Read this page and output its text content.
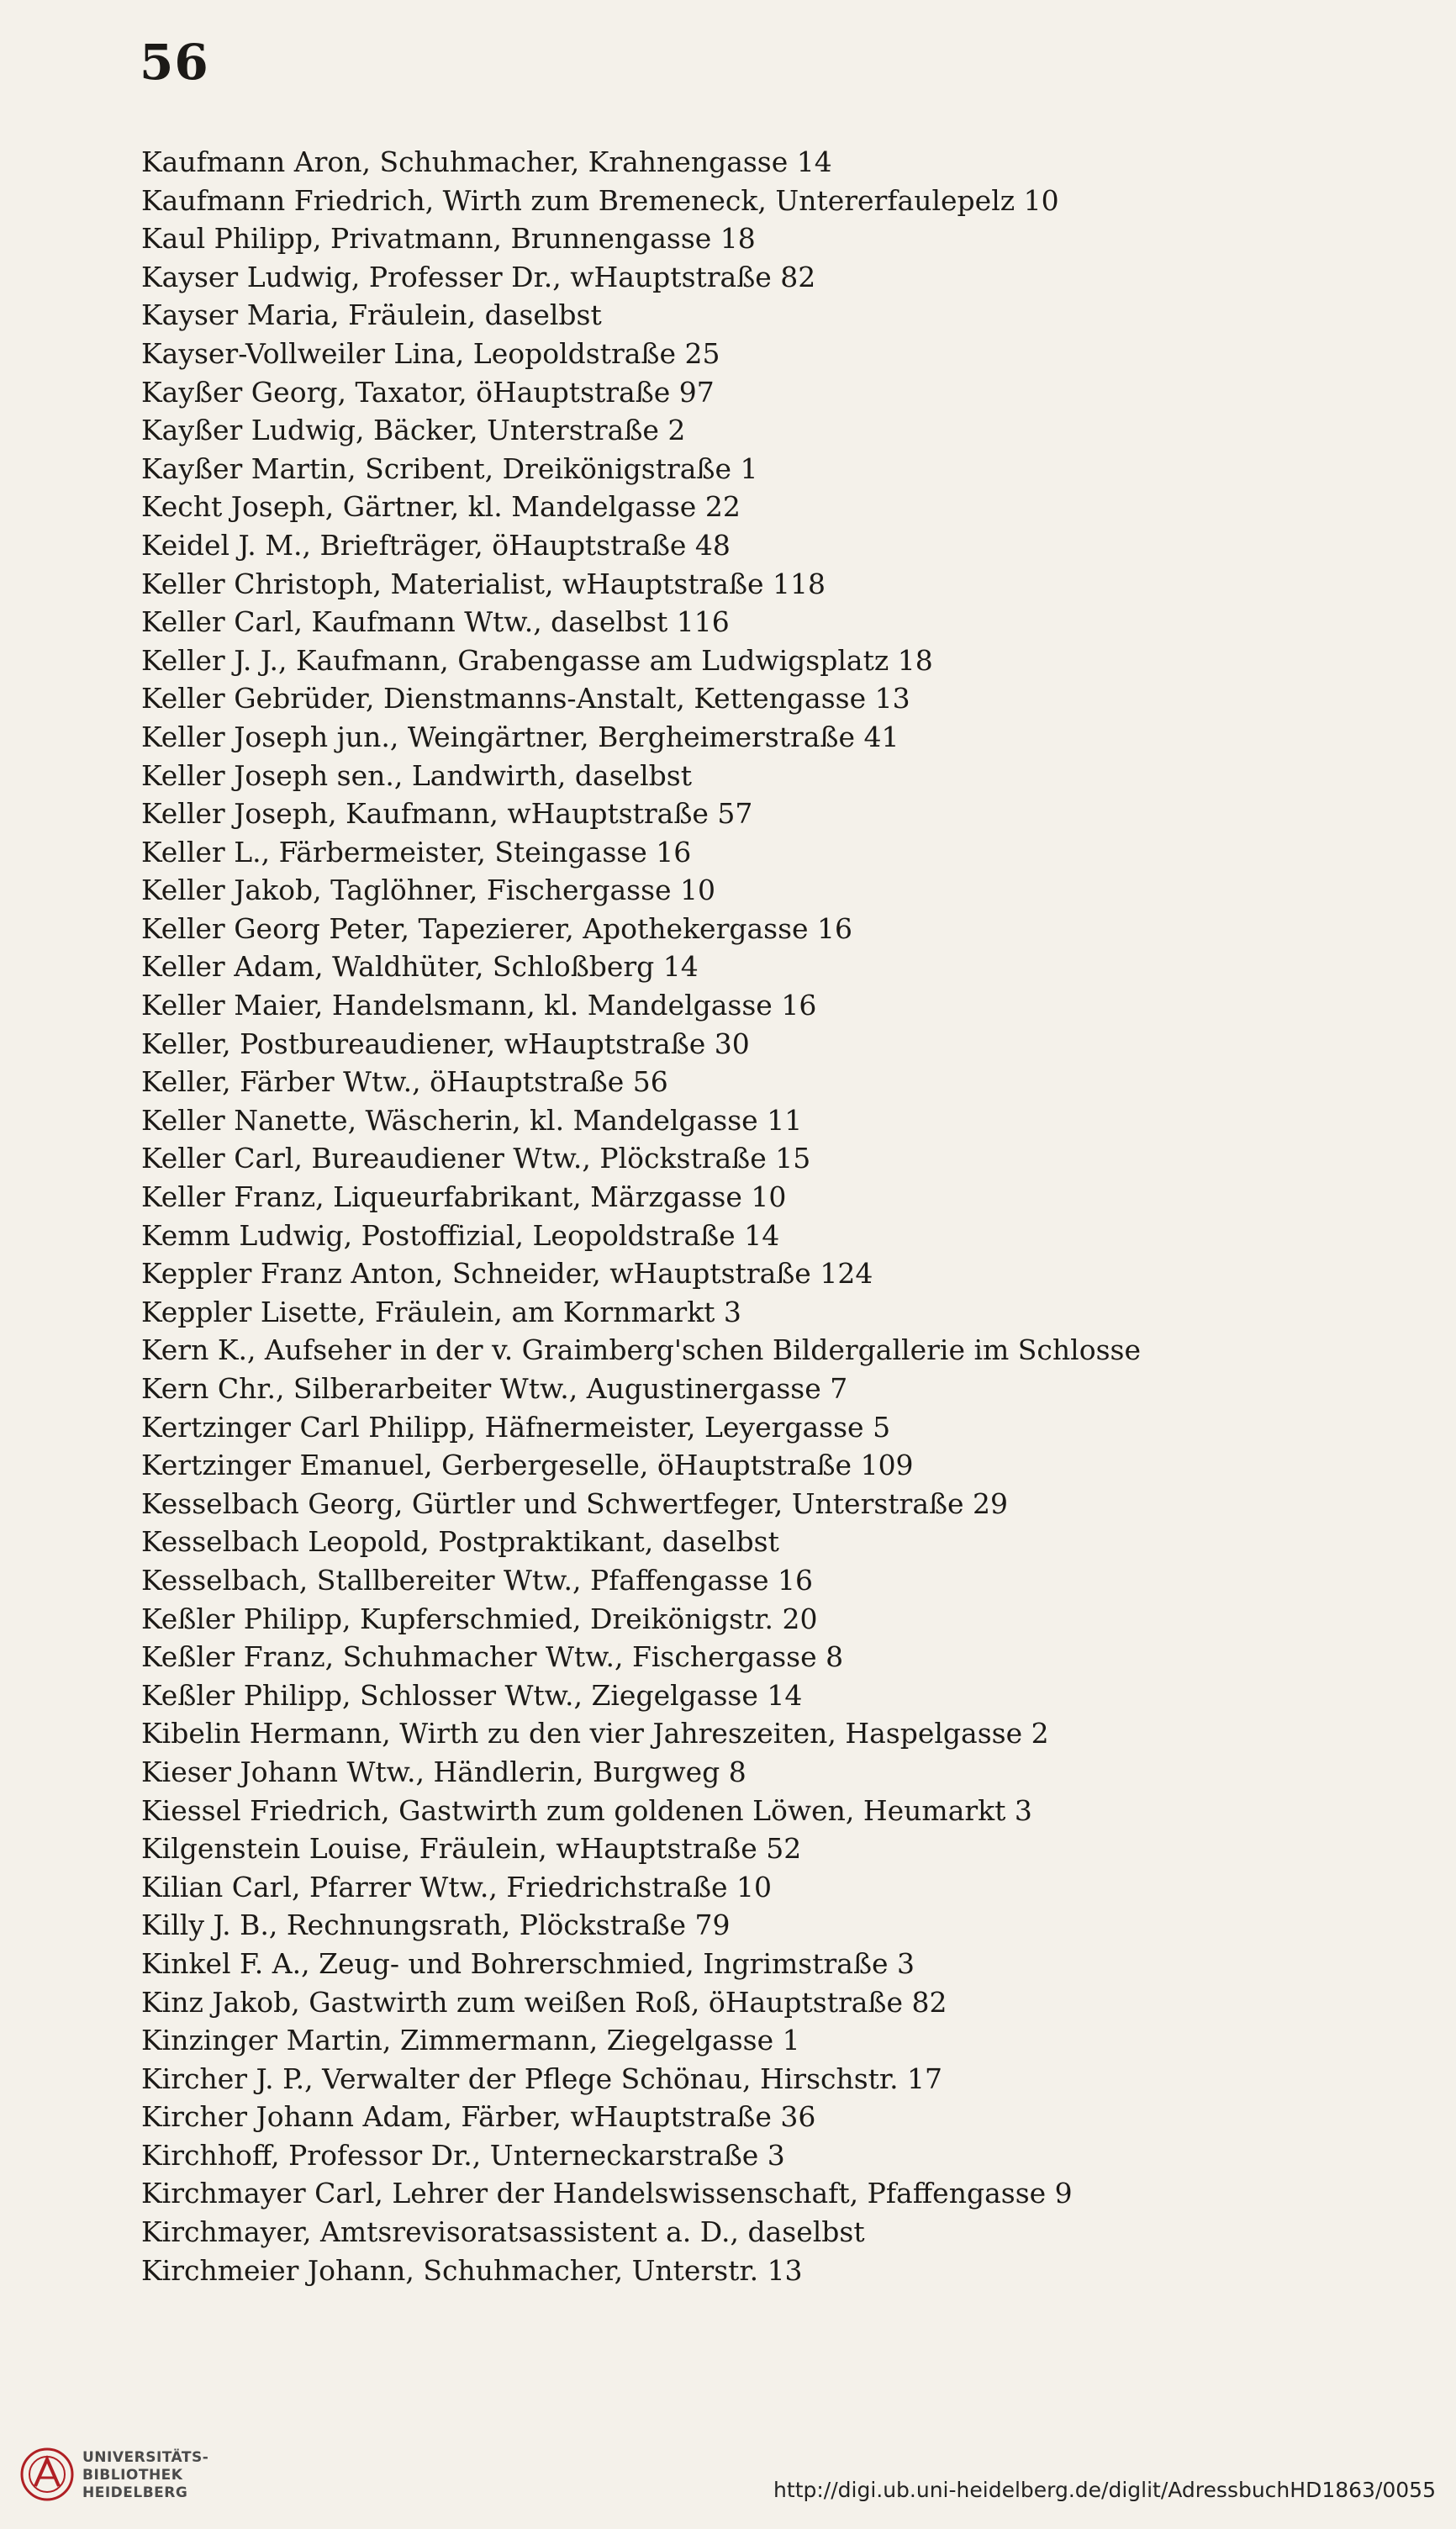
56
Kaufmann Aron, Schuhmacher, Krahnengasse 14
Kaufmann Friedrich, Wirth zum Bremeneck, Untererfaulepelz 10
Kaul Philipp, Privatmann, Brunnengasse 18
Kayser Ludwig, Professer Dr., wHauptstraße 82
Kayser Maria, Fräulein, daselbst
Kayser-Vollweiler Lina, Leopoldstraße 25
Kayßer Georg, Taxator, öHauptstraße 97
Kayßer Ludwig, Bäcker, Unterstraße 2
Kayßer Martin, Scribent, Dreikönigstraße 1
Kecht Joseph, Gärtner, kl. Mandelgasse 22
Keidel J. M., Briefträger, öHauptstraße 48
Keller Christoph, Materialist, wHauptstraße 118
Keller Carl, Kaufmann Wtw., daselbst 116
Keller J. J., Kaufmann, Grabengasse am Ludwigsplatz 18
Keller Gebrüder, Dienstmanns-Anstalt, Kettengasse 13
Keller Joseph jun., Weingärtner, Bergheimerstraße 41
Keller Joseph sen., Landwirth, daselbst
Keller Joseph, Kaufmann, wHauptstraße 57
Keller L., Färbermeister, Steingasse 16
Keller Jakob, Taglöhner, Fischergasse 10
Keller Georg Peter, Tapezierer, Apothekergasse 16
Keller Adam, Waldhüter, Schloßberg 14
Keller Maier, Handelsmann, kl. Mandelgasse 16
Keller, Postbureaudiener, wHauptstraße 30
Keller, Färber Wtw., öHauptstraße 56
Keller Nanette, Wäscherin, kl. Mandelgasse 11
Keller Carl, Bureaudiener Wtw., Plöckstraße 15
Keller Franz, Liqueurfabrikant, Märzgasse 10
Kemm Ludwig, Postoffizial, Leopoldstraße 14
Keppler Franz Anton, Schneider, wHauptstraße 124
Keppler Lisette, Fräulein, am Kornmarkt 3
Kern K., Aufseher in der v. Graimberg'schen Bildergallerie im Schlosse
Kern Chr., Silberarbeiter Wtw., Augustinergasse 7
Kertzinger Carl Philipp, Häfnermeister, Leyergasse 5
Kertzinger Emanuel, Gerbergeselle, öHauptstraße 109
Kesselbach Georg, Gürtler und Schwertfeger, Unterstraße 29
Kesselbach Leopold, Postpraktikant, daselbst
Kesselbach, Stallbereiter Wtw., Pfaffengasse 16
Keßler Philipp, Kupferschmied, Dreikönigstr. 20
Keßler Franz, Schuhmacher Wtw., Fischergasse 8
Keßler Philipp, Schlosser Wtw., Ziegelgasse 14
Kibelin Hermann, Wirth zu den vier Jahreszeiten, Haspelgasse 2
Kieser Johann Wtw., Händlerin, Burgweg 8
Kiessel Friedrich, Gastwirth zum goldenen Löwen, Heumarkt 3
Kilgenstein Louise, Fräulein, wHauptstraße 52
Kilian Carl, Pfarrer Wtw., Friedrichstraße 10
Killy J. B., Rechnungsrath, Plöckstraße 79
Kinkel F. A., Zeug- und Bohrerschmied, Ingrimstraße 3
Kinz Jakob, Gastwirth zum weißen Roß, öHauptstraße 82
Kinzinger Martin, Zimmermann, Ziegelgasse 1
Kircher J. P., Verwalter der Pflege Schönau, Hirschstr. 17
Kircher Johann Adam, Färber, wHauptstraße 36
Kirchhoff, Professor Dr., Unterneckarstraße 3
Kirchmayer Carl, Lehrer der Handelswissenschaft, Pfaffengasse 9
Kirchmayer, Amtsrevisoratsassistent a. D., daselbst
Kirchmeier Johann, Schuhmacher, Unterstr. 13
UNIVERSITÄTS-
BIBLIOTHEK
HEIDELBERG	http://digi.ub.uni-heidelberg.de/diglit/AdressbuchHD1863/0055
